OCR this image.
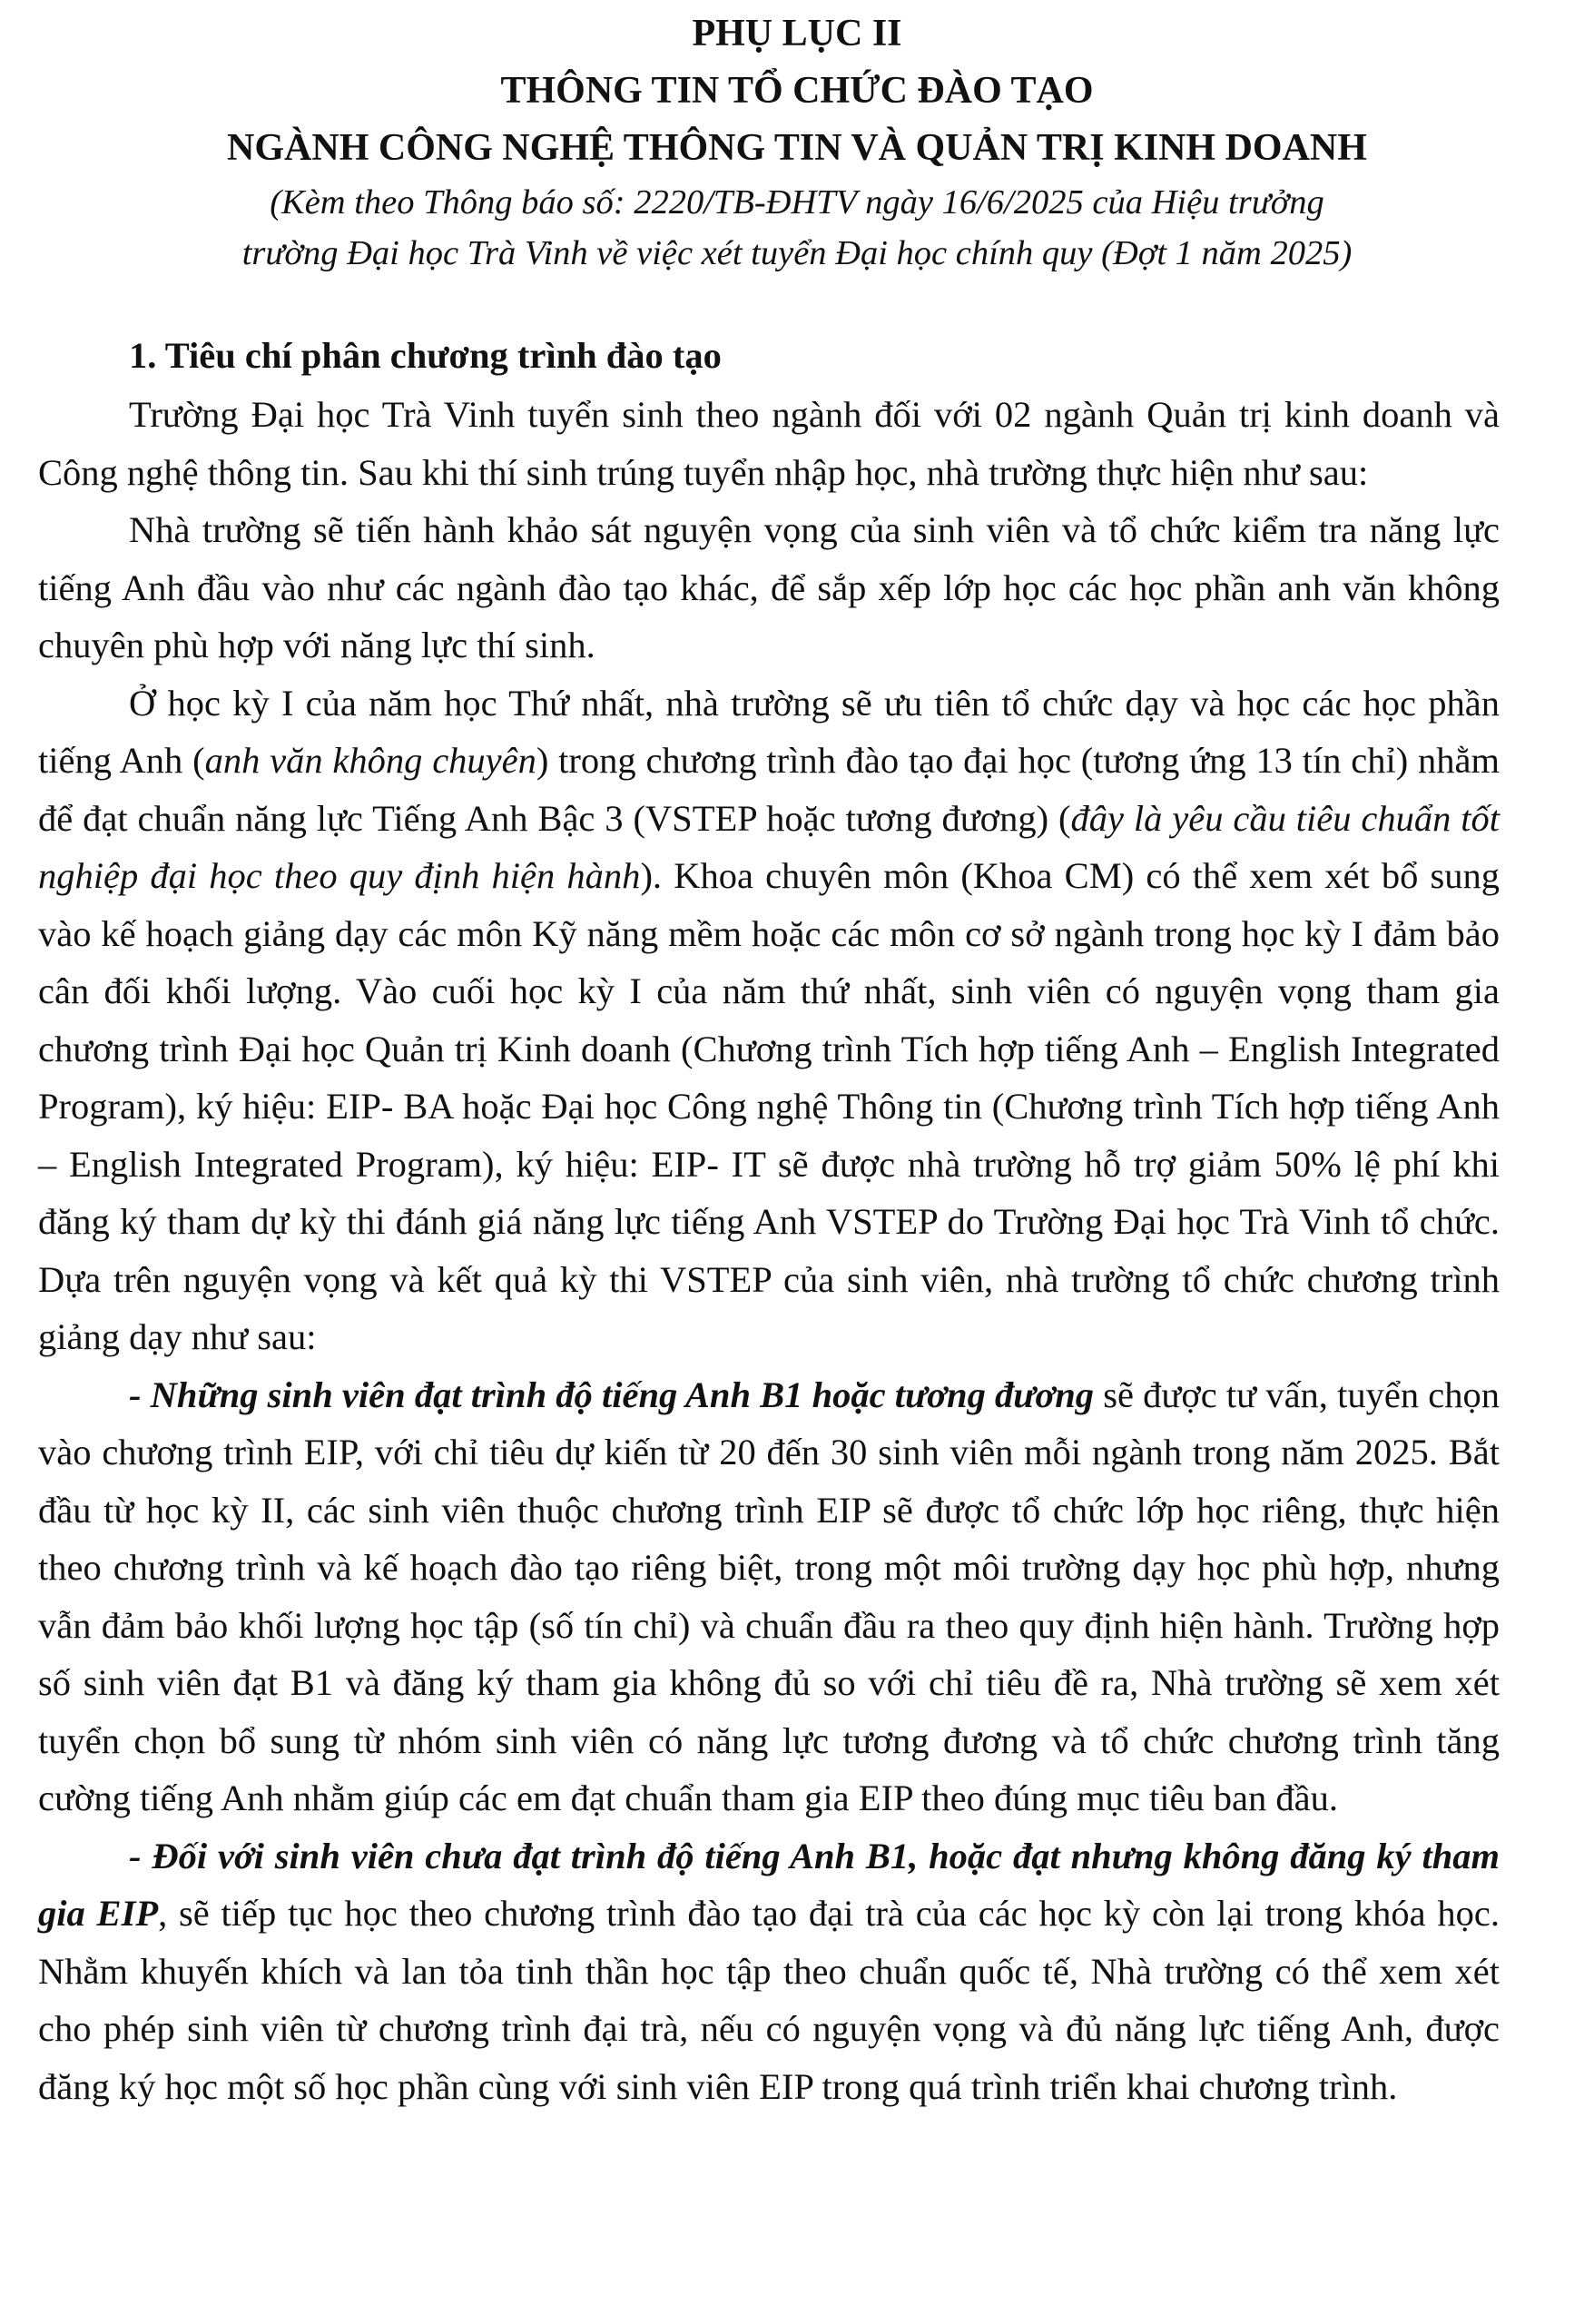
PHỤ LỤC II
THÔNG TIN TỔ CHỨC ĐÀO TẠO
NGÀNH CÔNG NGHỆ THÔNG TIN VÀ QUẢN TRỊ KINH DOANH
(Kèm theo Thông báo số: 2220/TB-ĐHTV ngày 16/6/2025 của Hiệu trưởng
trường Đại học Trà Vinh về việc xét tuyển Đại học chính quy (Đợt 1 năm 2025)
1. Tiêu chí phân chương trình đào tạo

Trường Đại học Trà Vinh tuyển sinh theo ngành đối với 02 ngành Quản trị kinh doanh và Công nghệ thông tin. Sau khi thí sinh trúng tuyển nhập học, nhà trường thực hiện như sau:

Nhà trường sẽ tiến hành khảo sát nguyện vọng của sinh viên và tổ chức kiểm tra năng lực tiếng Anh đầu vào như các ngành đào tạo khác, để sắp xếp lớp học các học phần anh văn không chuyên phù hợp với năng lực thí sinh.

Ở học kỳ I của năm học Thứ nhất, nhà trường sẽ ưu tiên tổ chức dạy và học các học phần tiếng Anh (anh văn không chuyên) trong chương trình đào tạo đại học (tương ứng 13 tín chỉ) nhằm để đạt chuẩn năng lực Tiếng Anh Bậc 3 (VSTEP hoặc tương đương) (đây là yêu cầu tiêu chuẩn tốt nghiệp đại học theo quy định hiện hành). Khoa chuyên môn (Khoa CM) có thể xem xét bổ sung vào kế hoạch giảng dạy các môn Kỹ năng mềm hoặc các môn cơ sở ngành trong học kỳ I đảm bảo cân đối khối lượng. Vào cuối học kỳ I của năm thứ nhất, sinh viên có nguyện vọng tham gia chương trình Đại học Quản trị Kinh doanh (Chương trình Tích hợp tiếng Anh – English Integrated Program), ký hiệu: EIP- BA hoặc Đại học Công nghệ Thông tin (Chương trình Tích hợp tiếng Anh – English Integrated Program), ký hiệu: EIP- IT sẽ được nhà trường hỗ trợ giảm 50% lệ phí khi đăng ký tham dự kỳ thi đánh giá năng lực tiếng Anh VSTEP do Trường Đại học Trà Vinh tổ chức. Dựa trên nguyện vọng và kết quả kỳ thi VSTEP của sinh viên, nhà trường tổ chức chương trình giảng dạy như sau:

- Những sinh viên đạt trình độ tiếng Anh B1 hoặc tương đương sẽ được tư vấn, tuyển chọn vào chương trình EIP, với chỉ tiêu dự kiến từ 20 đến 30 sinh viên mỗi ngành trong năm 2025. Bắt đầu từ học kỳ II, các sinh viên thuộc chương trình EIP sẽ được tổ chức lớp học riêng, thực hiện theo chương trình và kế hoạch đào tạo riêng biệt, trong một môi trường dạy học phù hợp, nhưng vẫn đảm bảo khối lượng học tập (số tín chỉ) và chuẩn đầu ra theo quy định hiện hành. Trường hợp số sinh viên đạt B1 và đăng ký tham gia không đủ so với chỉ tiêu đề ra, Nhà trường sẽ xem xét tuyển chọn bổ sung từ nhóm sinh viên có năng lực tương đương và tổ chức chương trình tăng cường tiếng Anh nhằm giúp các em đạt chuẩn tham gia EIP theo đúng mục tiêu ban đầu.

- Đối với sinh viên chưa đạt trình độ tiếng Anh B1, hoặc đạt nhưng không đăng ký tham gia EIP, sẽ tiếp tục học theo chương trình đào tạo đại trà của các học kỳ còn lại trong khóa học. Nhằm khuyến khích và lan tỏa tinh thần học tập theo chuẩn quốc tế, Nhà trường có thể xem xét cho phép sinh viên từ chương trình đại trà, nếu có nguyện vọng và đủ năng lực tiếng Anh, được đăng ký học một số học phần cùng với sinh viên EIP trong quá trình triển khai chương trình.
